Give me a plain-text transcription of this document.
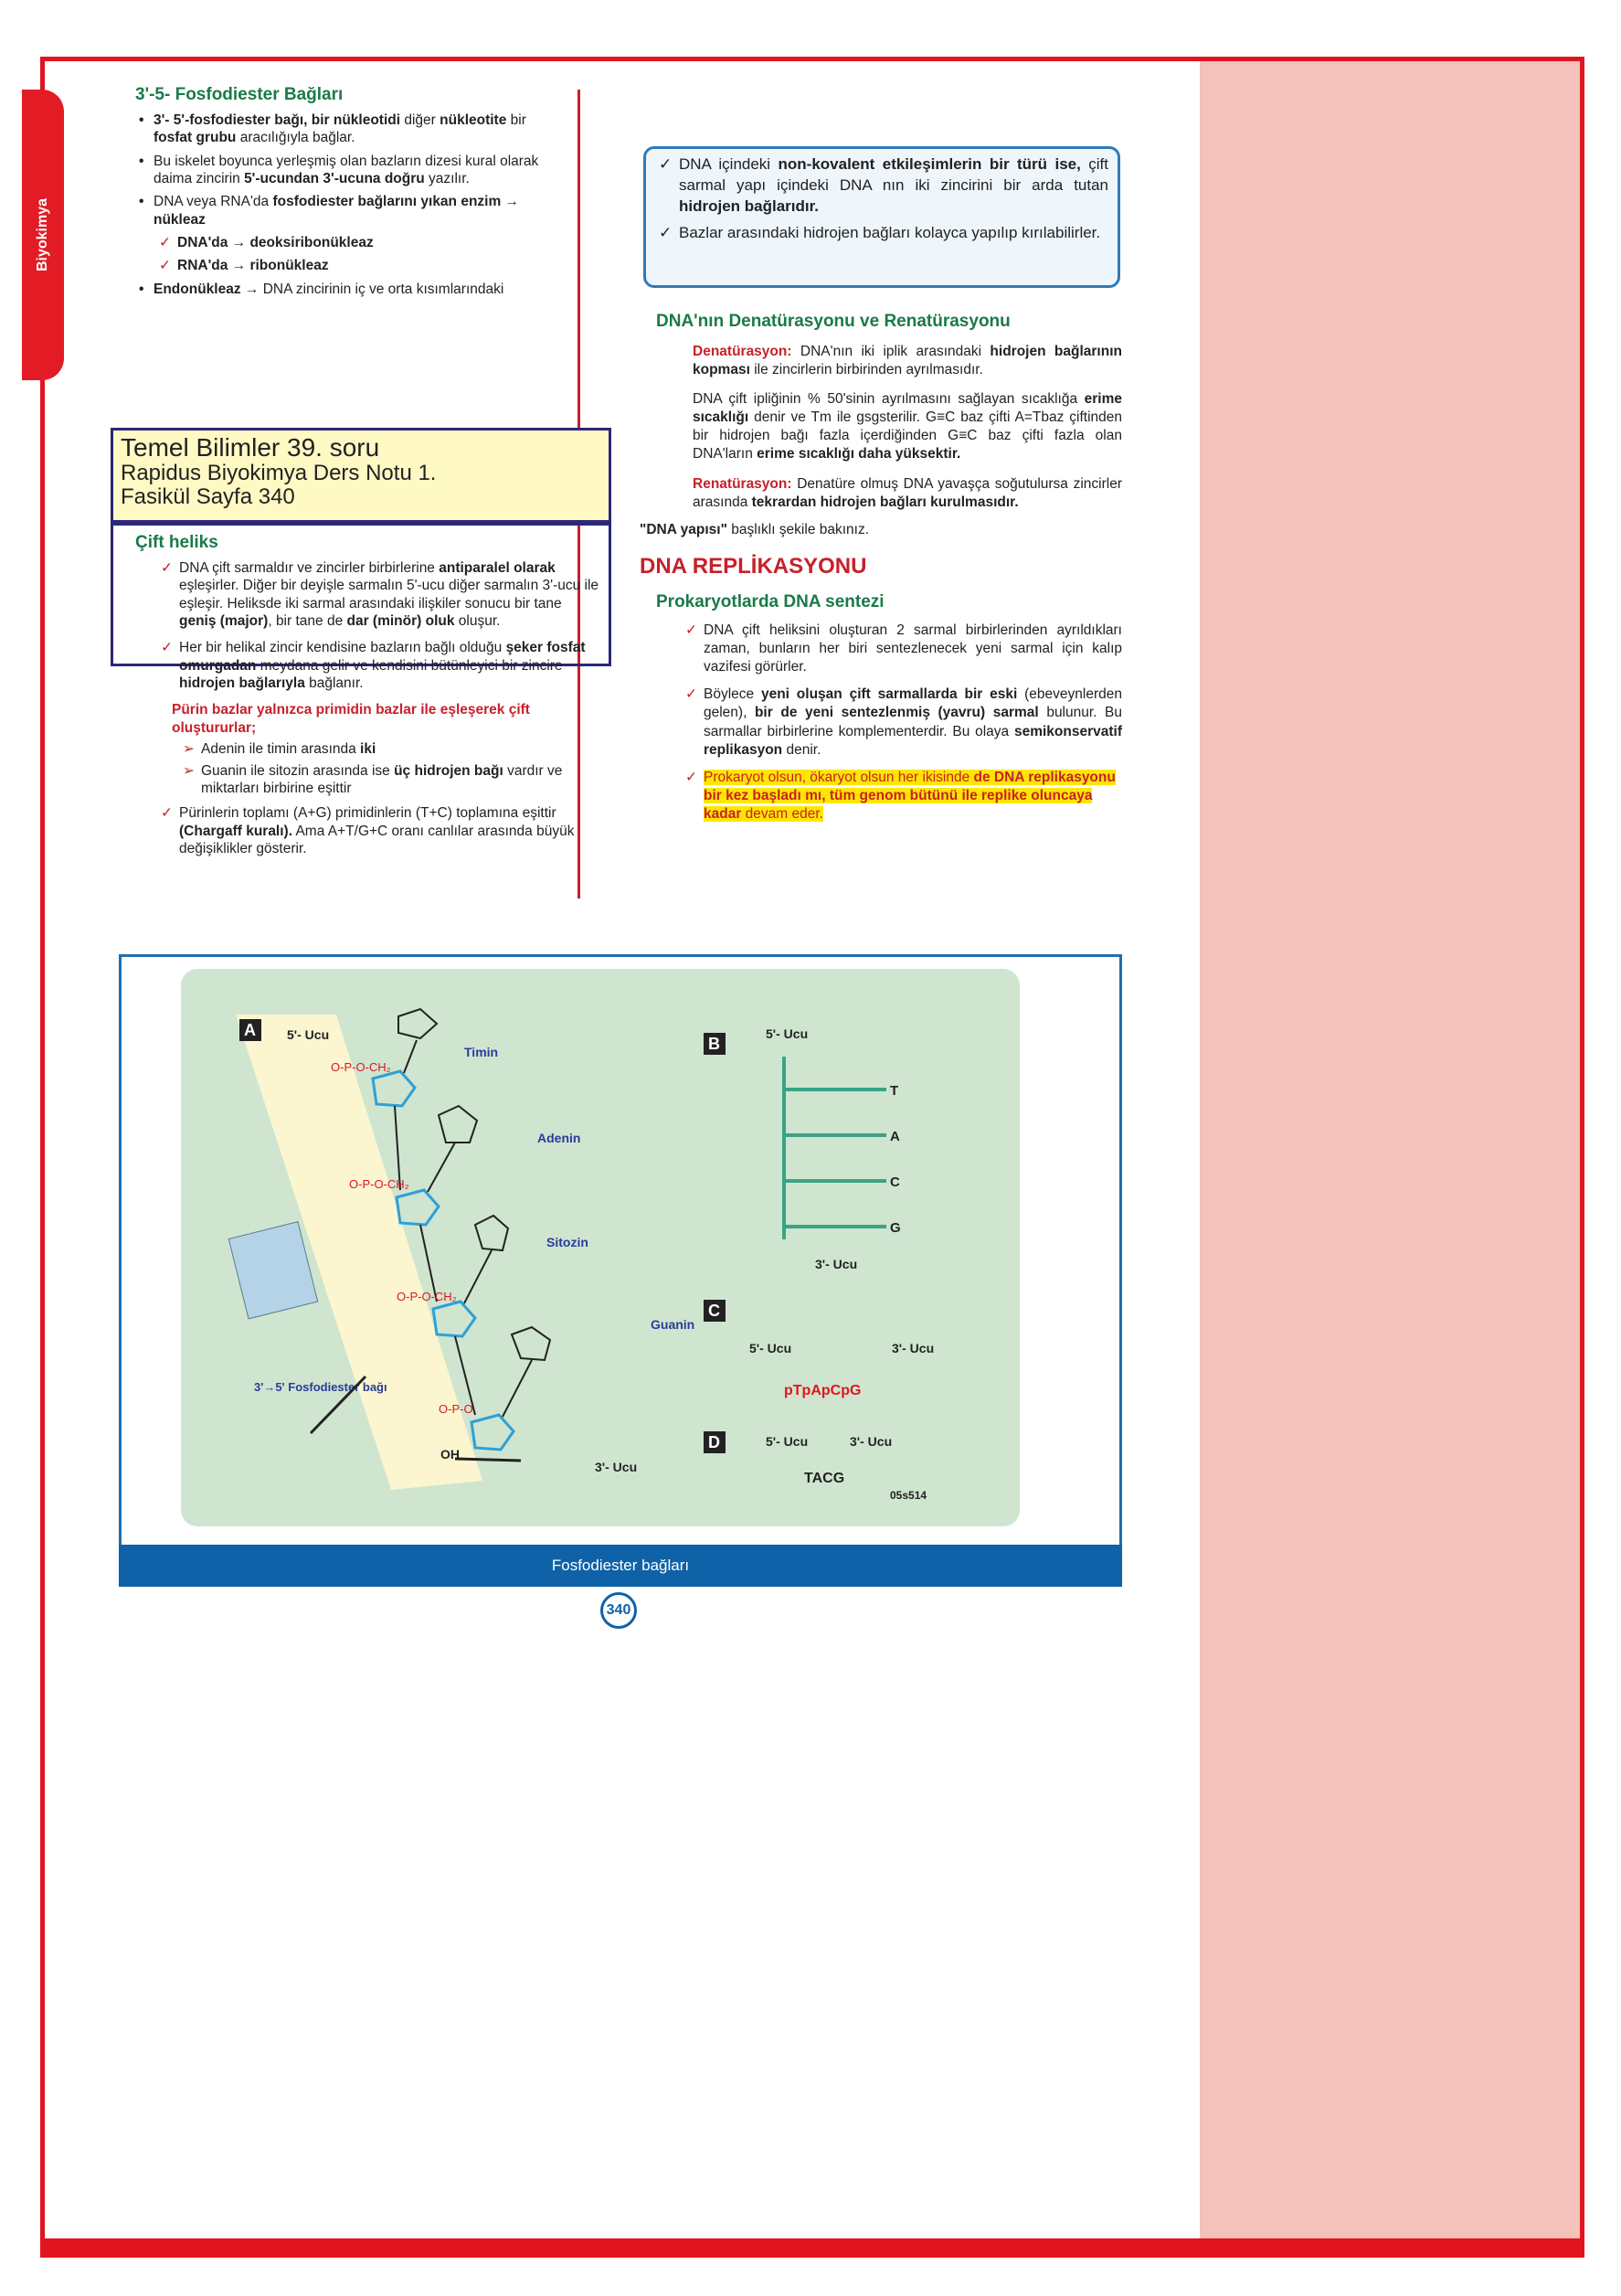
Biyokimya
3'-5- Fosfodiester Bağları
• 3'- 5'-fosfodiester bağı, bir nükleotidi diğer nükleotite bir fosfat grubu aracılığıyla bağlar.
• Bu iskelet boyunca yerleşmiş olan bazların dizesi kural olarak daima zincirin 5'-ucundan 3'-ucuna doğru yazılır.
• DNA veya RNA'da fosfodiester bağlarını yıkan enzim → nükleaz
✓ DNA'da → deoksiribonükleaz
✓ RNA'da → ribonükleaz
• Endonükleaz → DNA zincirinin iç ve orta kısımlarındaki
Temel Bilimler 39. soru
Rapidus Biyokimya Ders Notu 1.
Fasikül Sayfa 340
Çift heliks
✓ DNA çift sarmaldır ve zincirler birbirlerine antiparalel olarak eşleşirler. Diğer bir deyişle sarmalın 5'-ucu diğer sarmalın 3'-ucu ile eşleşir. Heliksde iki sarmal arasındaki ilişkiler sonucu bir tane geniş (major), bir tane de dar (minör) oluk oluşur.
✓ Her bir helikal zincir kendisine bazların bağlı olduğu şeker fosfat omurgadan meydana gelir ve kendisini bütünleyici bir zincire hidrojen bağlarıyla bağlanır.
Pürin bazlar yalnızca primidin bazlar ile eşleşerek çift oluştururlar;
➢ Adenin ile timin arasında iki
➢ Guanin ile sitozin arasında ise üç hidrojen bağı vardır ve miktarları birbirine eşittir
✓ Pürinlerin toplamı (A+G) primidinlerin (T+C) toplamına eşittir (Chargaff kuralı). Ama A+T/G+C oranı canlılar arasında büyük değişiklikler gösterir.
✓ DNA içindeki non-kovalent etkileşimlerin bir türü ise, çift sarmal yapı içindeki DNA nın iki zincirini bir arda tutan hidrojen bağlarıdır.
✓ Bazlar arasındaki hidrojen bağları kolayca yapılıp kırılabilirler.
DNA'nın Denatürasyonu ve Renatürasyonu
Denatürasyon: DNA'nın iki iplik arasındaki hidrojen bağlarının kopması ile zincirlerin birbirinden ayrılmasıdır.
DNA çift ipliğinin % 50'sinin ayrılmasını sağlayan sıcaklığa erime sıcaklığı denir ve Tm ile gsgsterilir. G≡C baz çifti A=Tbaz çiftinden bir hidrojen bağı fazla içerdiğinden G≡C baz çifti fazla olan DNA'ların erime sıcaklığı daha yüksektir.
Renatürasyon: Denatüre olmuş DNA yavaşça soğutulursa zincirler arasında tekrardan hidrojen bağları kurulmasıdır.
"DNA yapısı" başlıklı şekile bakınız.
DNA REPLİKASYONU
Prokaryotlarda DNA sentezi
✓ DNA çift heliksini oluşturan 2 sarmal birbirlerinden ayrıldıkları zaman, bunların her biri sentezlenecek yeni sarmal için kalıp vazifesi görürler.
✓ Böylece yeni oluşan çift sarmallarda bir eski (ebeveynlerden gelen), bir de yeni sentezlenmiş (yavru) sarmal bulunur. Bu sarmallar birbirlerine komplementerdir. Bu olaya semikonservatif replikasyon denir.
✓ Prokaryot olsun, ökaryot olsun her ikisinde de DNA replikasyonu bir kez başladı mı, tüm genom bütünü ile replike oluncaya kadar devam eder.
A 5'- Ucu
Timin
Adenin
Sitozin
Guanin
3'→5' Fosfodiester bağı
3'- Ucu
O-P-O-CH₂
O-P-O-CH₂
O-P-O-CH₂
O-P-O
OH
B
5'- Ucu
3'- Ucu
C
5'- Ucu	3'- Ucu
pTpApCpG
D	5'- Ucu	3'- Ucu
TACG
05s514
T
A
C
G
Fosfodiester bağları
340
